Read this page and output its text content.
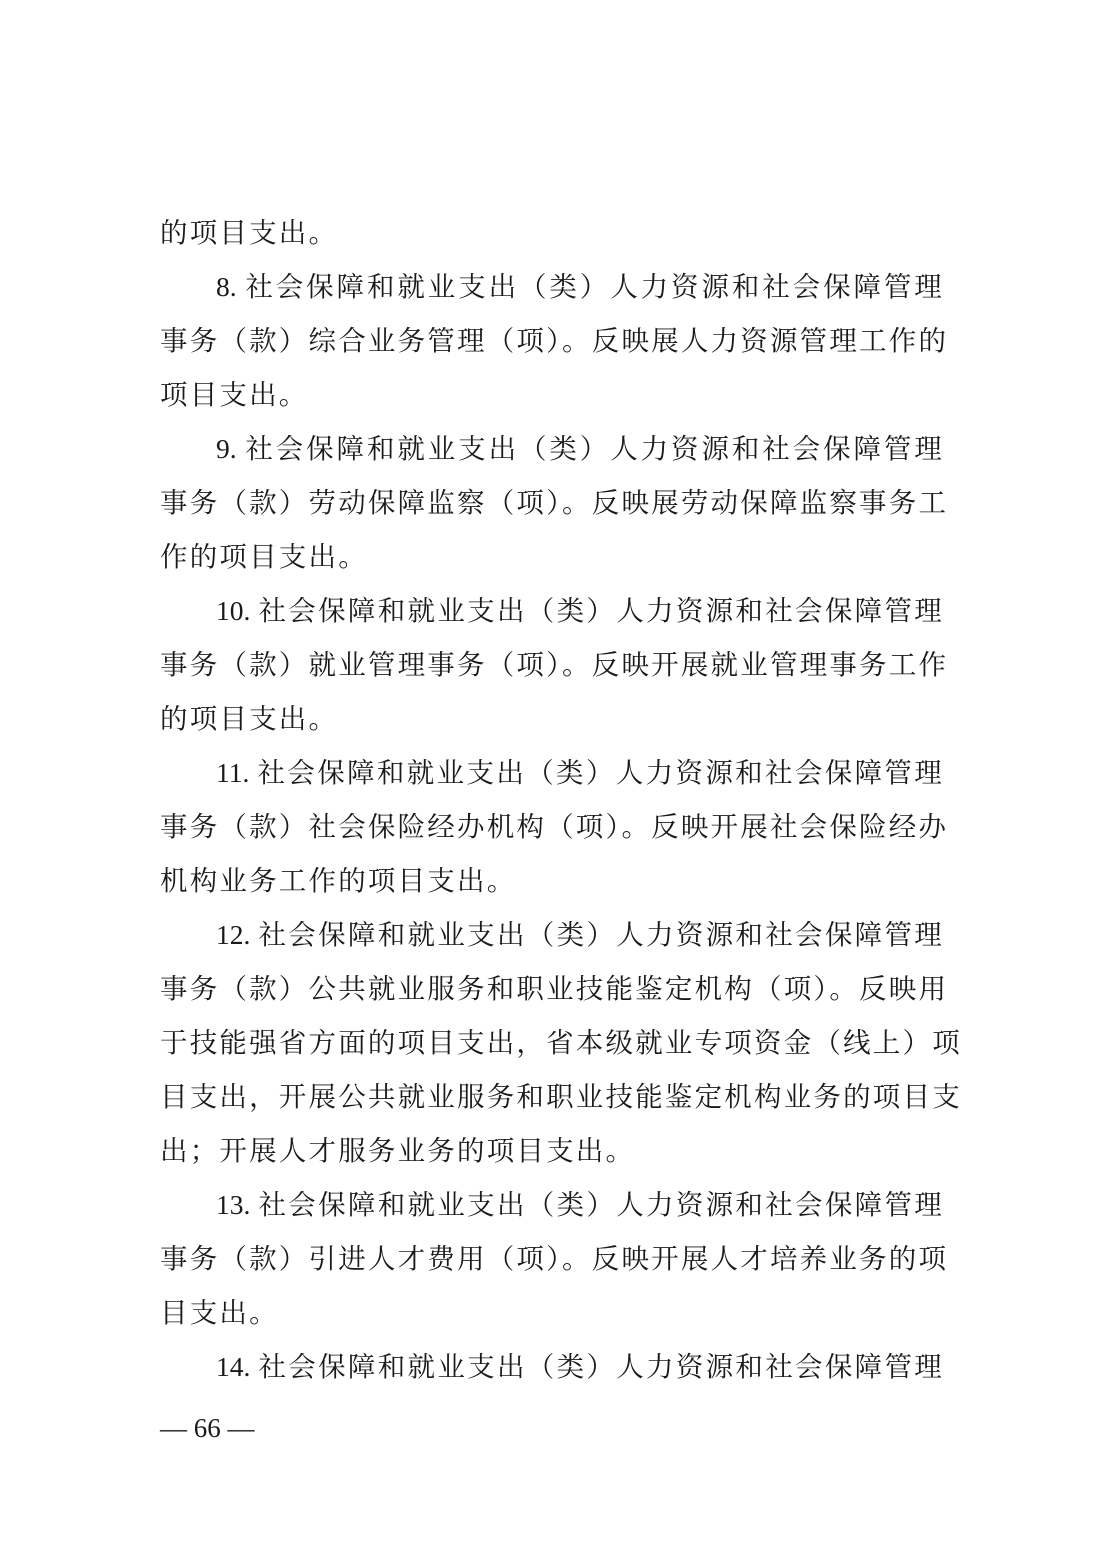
的项目支出。
8. 社会保障和就业支出（类）人力资源和社会保障管理
事务（款）综合业务管理（项）。反映展人力资源管理工作的
项目支出。
9. 社会保障和就业支出（类）人力资源和社会保障管理
事务（款）劳动保障监察（项）。反映展劳动保障监察事务工
作的项目支出。
10. 社会保障和就业支出（类）人力资源和社会保障管理
事务（款）就业管理事务（项）。反映开展就业管理事务工作
的项目支出。
11. 社会保障和就业支出（类）人力资源和社会保障管理
事务（款）社会保险经办机构（项）。反映开展社会保险经办
机构业务工作的项目支出。
12. 社会保障和就业支出（类）人力资源和社会保障管理
事务（款）公共就业服务和职业技能鉴定机构（项）。反映用
于技能强省方面的项目支出，省本级就业专项资金（线上）项
目支出，开展公共就业服务和职业技能鉴定机构业务的项目支
出；开展人才服务业务的项目支出。
13. 社会保障和就业支出（类）人力资源和社会保障管理
事务（款）引进人才费用（项）。反映开展人才培养业务的项
目支出。
14. 社会保障和就业支出（类）人力资源和社会保障管理
— 66 —
